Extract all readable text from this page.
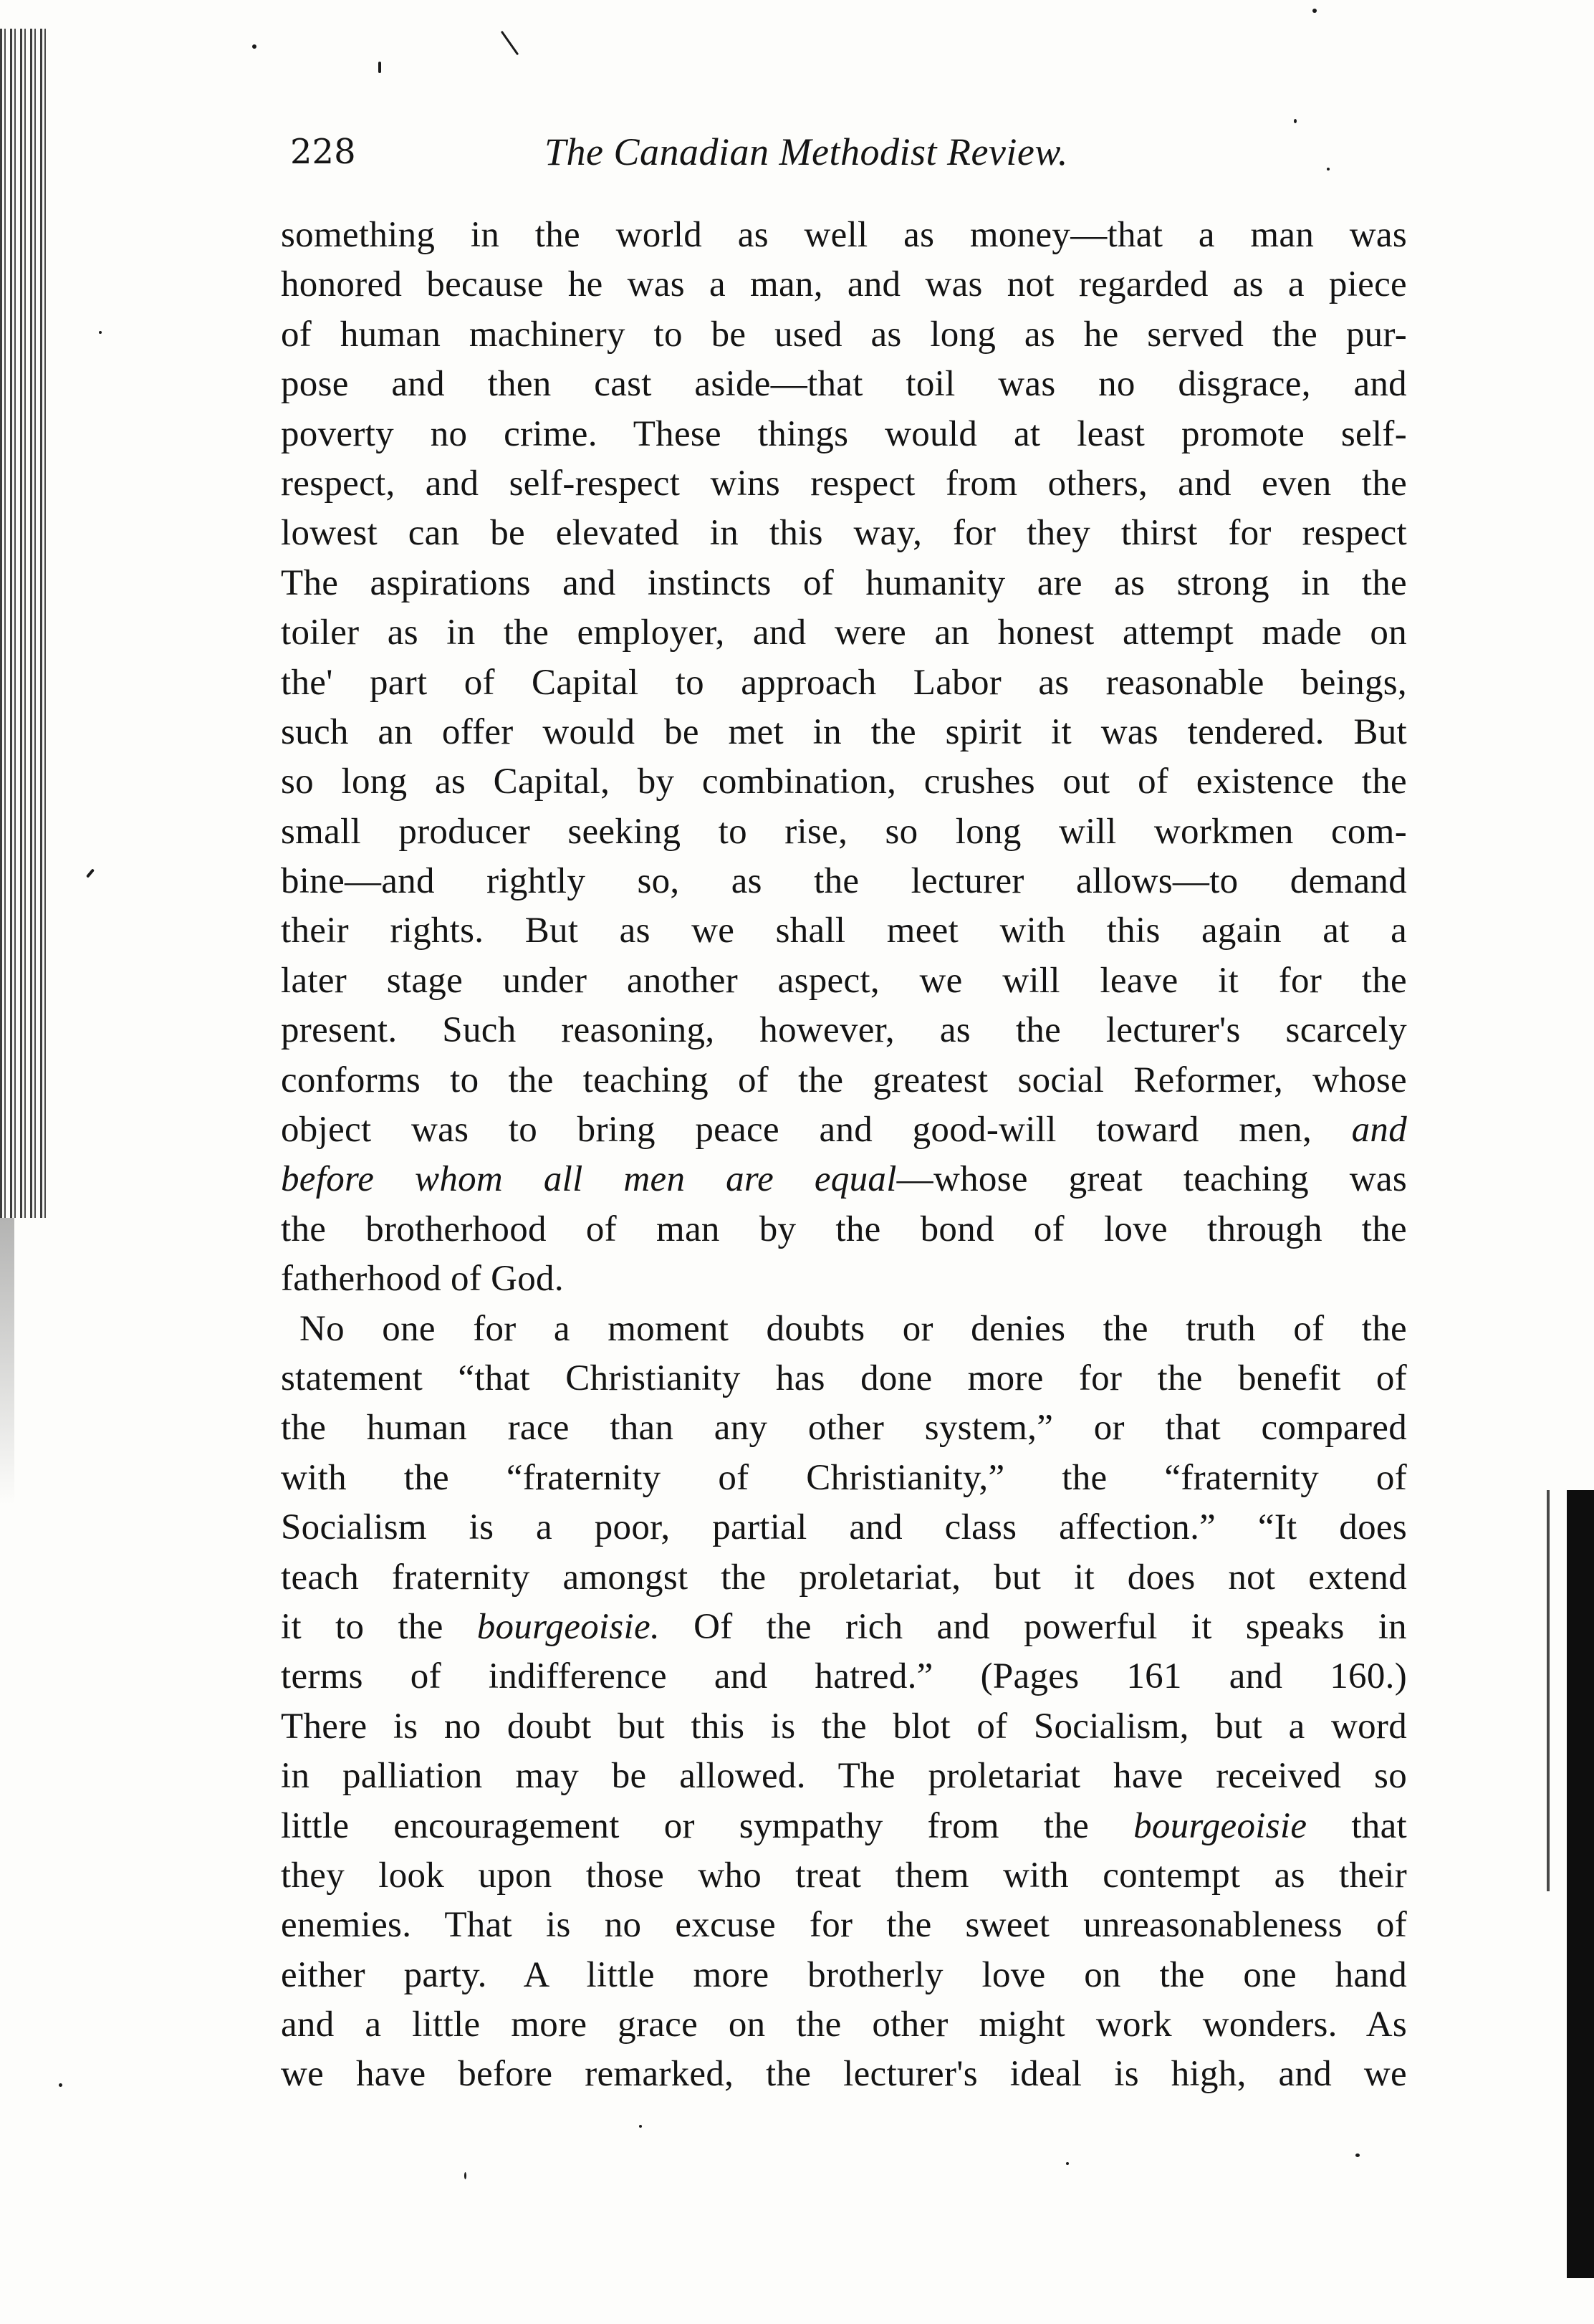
228	The Canadian Methodist Review.

something in the world as well as money—that a man was

honored because he was a man, and was not regarded as a piece

of human machinery to be used as long as he served the pur-

pose and then cast aside—that toil was no disgrace, and

poverty no crime. These things would at least promote self-

respect, and self-respect wins respect from others, and even the

lowest can be elevated in this way, for they thirst for respect

The aspirations and instincts of humanity are as strong in the

toiler as in the employer, and were an honest attempt made on

the' part of Capital to approach Labor as reasonable beings,

such an offer would be met in the spirit it was tendered. But

so long as Capital, by combination, crushes out of existence the

small producer seeking to rise, so long will workmen com-

bine—and rightly so, as the lecturer allows—to demand

their rights. But as we shall meet with this again at a

later stage under another aspect, we will leave it for the

present. Such reasoning, however, as the lecturer's scarcely

conforms to the teaching of the greatest social Reformer, whose

object was to bring peace and good-will toward men, and

before whom all men are equal—whose great teaching was

the brotherhood of man by the bond of love through the

fatherhood of God.

No one for a moment doubts or denies the truth of the

statement “that Christianity has done more for the benefit of

the human race than any other system,” or that compared

with the “fraternity of Christianity,” the “fraternity of

Socialism is a poor, partial and class affection.” “It does

teach fraternity amongst the proletariat, but it does not extend

it to the bourgeoisie. Of the rich and powerful it speaks in

terms of indifference and hatred.” (Pages 161 and 160.)

There is no doubt but this is the blot of Socialism, but a word

in palliation may be allowed. The proletariat have received so

little encouragement or sympathy from the bourgeoisie that

they look upon those who treat them with contempt as their

enemies. That is no excuse for the sweet unreasonableness of

either party. A little more brotherly love on the one hand

and a little more grace on the other might work wonders. As

we have before remarked, the lecturer's ideal is high, and we
